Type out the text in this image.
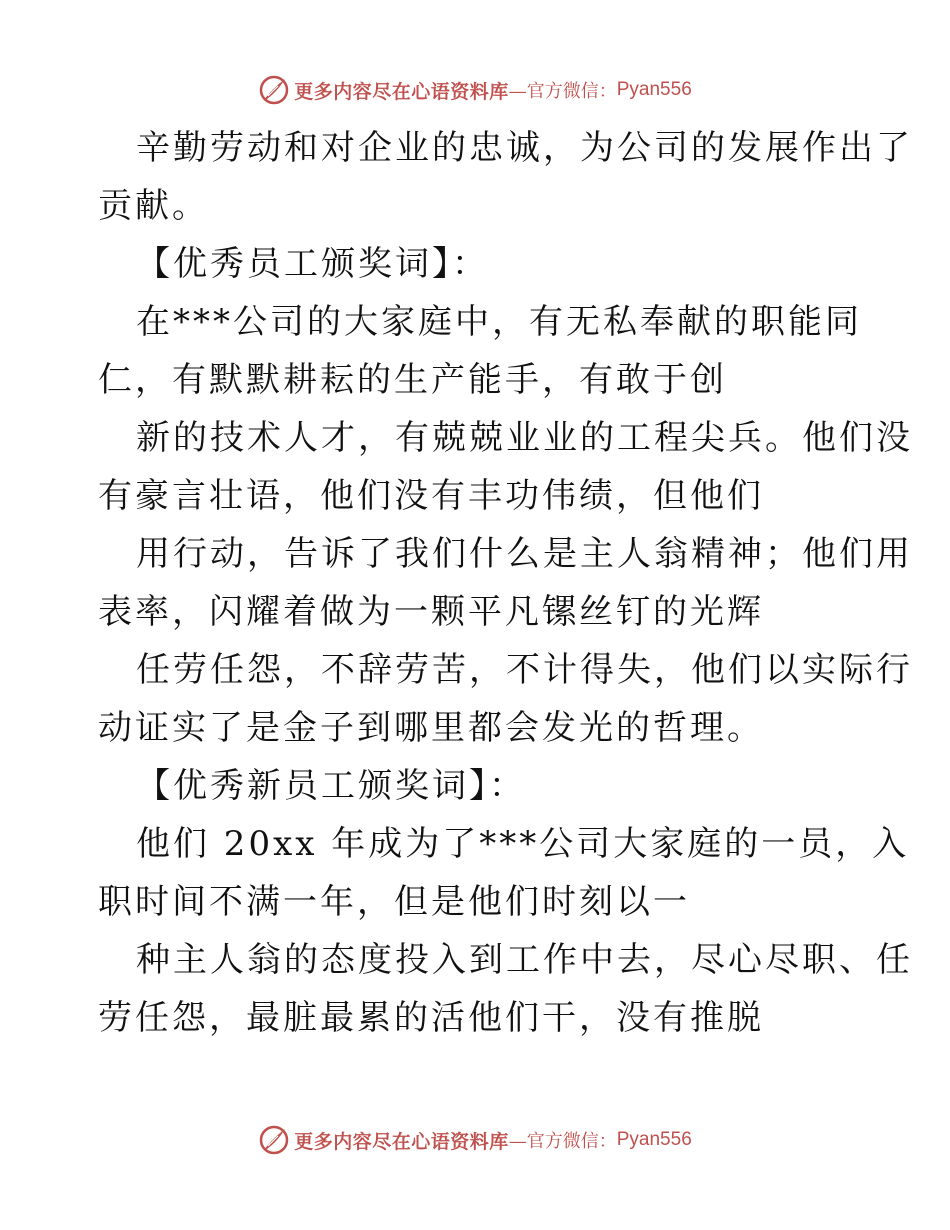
更多内容尽在心语资料库 —官方微信： Pyan556
辛勤劳动和对企业的忠诚，为公司的发展作出了
贡献。
【优秀员工颁奖词】：
在***公司的大家庭中，有无私奉献的职能同
仁，有默默耕耘的生产能手，有敢于创
新的技术人才，有兢兢业业的工程尖兵。他们没
有豪言壮语，他们没有丰功伟绩，但他们
用行动，告诉了我们什么是主人翁精神；他们用
表率，闪耀着做为一颗平凡镙丝钉的光辉
任劳任怨，不辞劳苦，不计得失，他们以实际行
动证实了是金子到哪里都会发光的哲理。
【优秀新员工颁奖词】：
他们 20xx 年成为了***公司大家庭的一员，入
职时间不满一年，但是他们时刻以一
种主人翁的态度投入到工作中去，尽心尽职、任
劳任怨，最脏最累的活他们干，没有推脱
更多内容尽在心语资料库 —官方微信： Pyan556
